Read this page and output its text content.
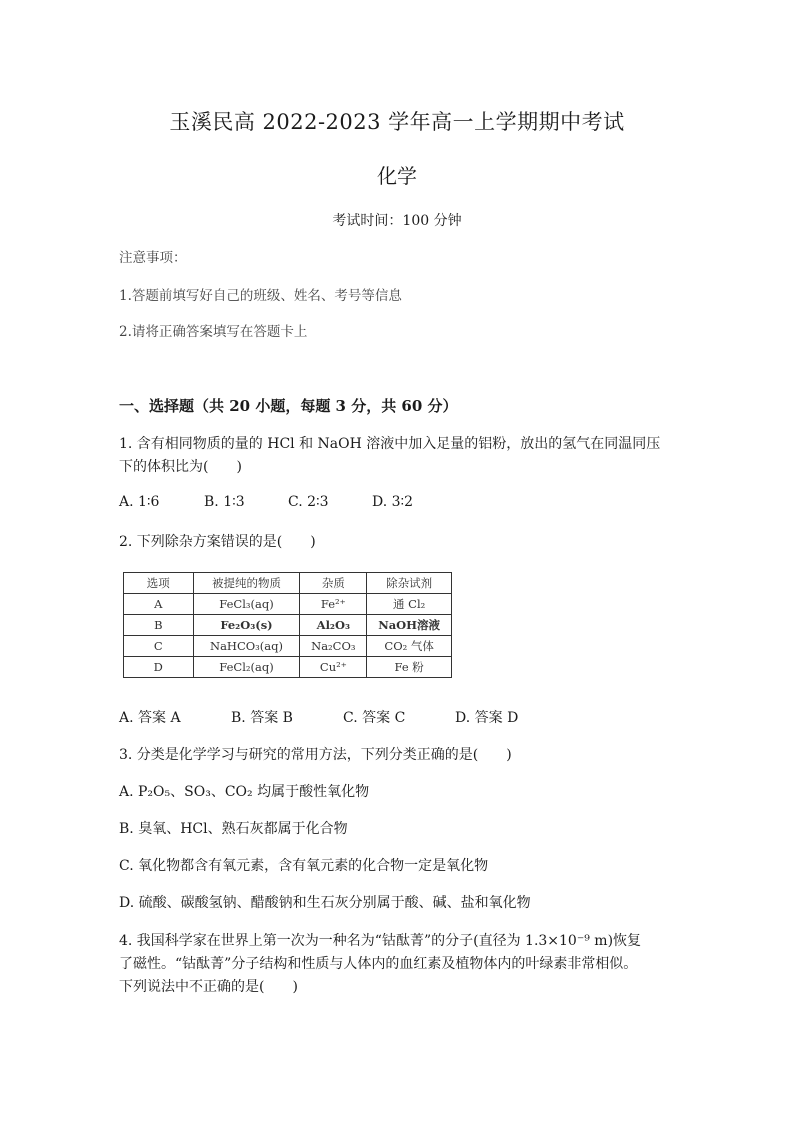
玉溪民高 2022-2023 学年高一上学期期中考试
化学
考试时间：100 分钟
注意事项：
1.答题前填写好自己的班级、姓名、考号等信息
2.请将正确答案填写在答题卡上
一、选择题（共 20 小题，每题 3 分，共 60 分）
1. 含有相同物质的量的 HCl 和 NaOH 溶液中加入足量的铝粉，放出的氢气在同温同压
下的体积比为(　　)
A. 1∶6	B. 1∶3	C. 2∶3	D. 3∶2
2. 下列除杂方案错误的是(　　)
选项	被提纯的物质	杂质	除杂试剂
A	FeCl₃(aq)	Fe²⁺	通 Cl₂
B	Fe₂O₃(s)	Al₂O₃	NaOH溶液
C	NaHCO₃(aq)	Na₂CO₃	CO₂ 气体
D	FeCl₂(aq)	Cu²⁺	Fe 粉
A. 答案 A	B. 答案 B	C. 答案 C	D. 答案 D
3. 分类是化学学习与研究的常用方法，下列分类正确的是(　　)
A. P₂O₅、SO₃、CO₂ 均属于酸性氧化物
B. 臭氧、HCl、熟石灰都属于化合物
C. 氧化物都含有氧元素，含有氧元素的化合物一定是氧化物
D. 硫酸、碳酸氢钠、醋酸钠和生石灰分别属于酸、碱、盐和氧化物
4. 我国科学家在世界上第一次为一种名为“钴酞菁”的分子(直径为 1.3×10⁻⁹ m)恢复
了磁性。“钴酞菁”分子结构和性质与人体内的血红素及植物体内的叶绿素非常相似。
下列说法中不正确的是(　　)
